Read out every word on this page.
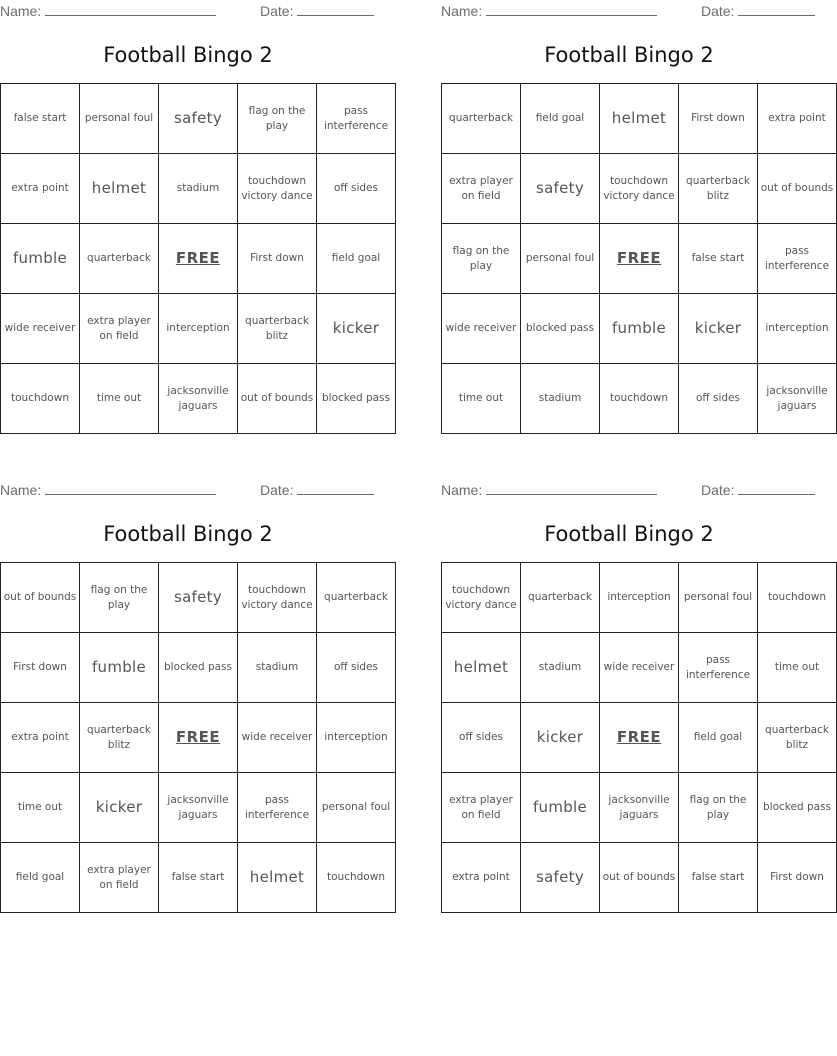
Name:	Date:
Football Bingo 2
false start	personal foul	safety	flag on the play	pass interference
extra point	helmet	stadium	touchdown victory dance	off sides
fumble	quarterback	FREE	First down	field goal
wide receiver	extra player on field	interception	quarterback blitz	kicker
touchdown	time out	jacksonville jaguars	out of bounds	blocked pass
Name:	Date:
Football Bingo 2
quarterback	field goal	helmet	First down	extra point
extra player on field	safety	touchdown victory dance	quarterback blitz	out of bounds
flag on the play	personal foul	FREE	false start	pass interference
wide receiver	blocked pass	fumble	kicker	interception
time out	stadium	touchdown	off sides	jacksonville jaguars
Name:	Date:
Football Bingo 2
out of bounds	flag on the play	safety	touchdown victory dance	quarterback
First down	fumble	blocked pass	stadium	off sides
extra point	quarterback blitz	FREE	wide receiver	interception
time out	kicker	jacksonville jaguars	pass interference	personal foul
field goal	extra player on field	false start	helmet	touchdown
Name:	Date:
Football Bingo 2
touchdown victory dance	quarterback	interception	personal foul	touchdown
helmet	stadium	wide receiver	pass interference	time out
off sides	kicker	FREE	field goal	quarterback blitz
extra player on field	fumble	jacksonville jaguars	flag on the play	blocked pass
extra point	safety	out of bounds	false start	First down
